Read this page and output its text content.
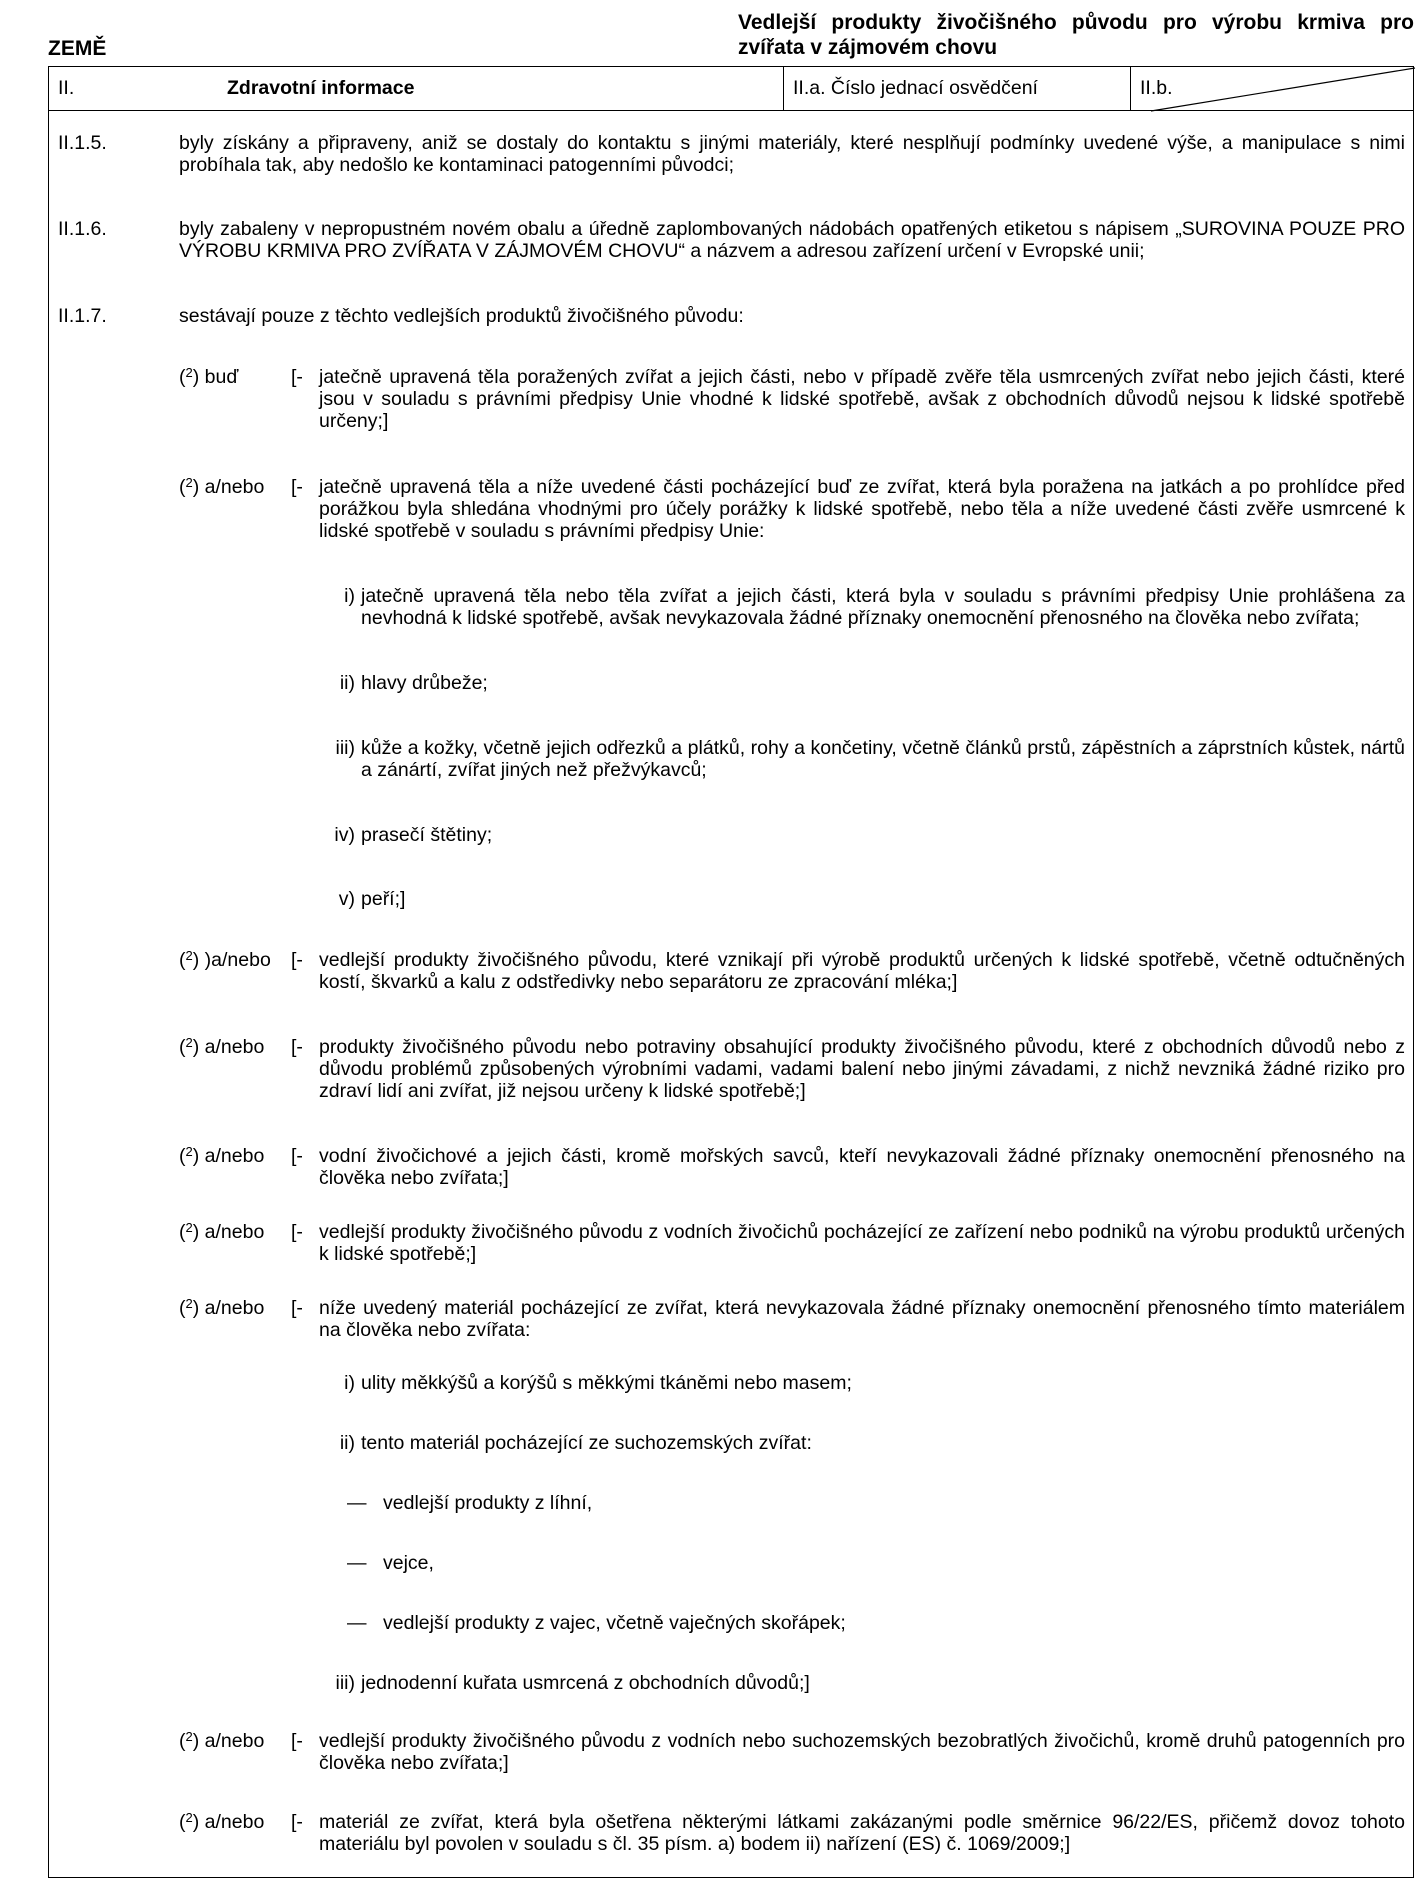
ZEMĚ
Vedlejší produkty živočišného původu pro výrobu krmiva pro zvířata v zájmovém chovu
II.	Zdravotní informace	II.a. Číslo jednací osvědčení	II.b.
II.1.5.	byly získány a připraveny, aniž se dostaly do kontaktu s jinými materiály, které nesplňují podmínky uvedené výše, a manipulace s nimi probíhala tak, aby nedošlo ke kontaminaci patogenními původci;
II.1.6.	byly zabaleny v nepropustném novém obalu a úředně zaplombovaných nádobách opatřených etiketou s nápisem „SUROVINA POUZE PRO VÝROBU KRMIVA PRO ZVÍŘATA V ZÁJMOVÉM CHOVU“ a názvem a adresou zařízení určení v Evropské unii;
II.1.7.	sestávají pouze z těchto vedlejších produktů živočišného původu:
($^2$) buď	[- jatečně upravená těla poražených zvířat a jejich části, nebo v případě zvěře těla usmrcených zvířat nebo jejich části, které jsou v souladu s právními předpisy Unie vhodné k lidské spotřebě, avšak z obchodních důvodů nejsou k lidské spotřebě určeny;]
($^2$) a/nebo [- jatečně upravená těla a níže uvedené části pocházející buď ze zvířat, která byla poražena na jatkách a po prohlídce před porážkou byla shledána vhodnými pro účely porážky k lidské spotřebě, nebo těla a níže uvedené části zvěře usmrcené k lidské spotřebě v souladu s právními předpisy Unie:
i) jatečně upravená těla nebo těla zvířat a jejich části, která byla v souladu s právními předpisy Unie prohlášena za nevhodná k lidské spotřebě, avšak nevykazovala žádné příznaky onemocnění přenosného na člověka nebo zvířata;
ii) hlavy drůbeže;
iii) kůže a kožky, včetně jejich odřezků a plátků, rohy a končetiny, včetně článků prstů, zápěstních a záprstních kůstek, nártů a zánártí, zvířat jiných než přežvýkavců;
iv) prasečí štětiny;
v) peří;]
($^2$) )a/nebo [- vedlejší produkty živočišného původu, které vznikají při výrobě produktů určených k lidské spotřebě, včetně odtučněných kostí, škvarků a kalu z odstředivky nebo separátoru ze zpracování mléka;]
($^2$) a/nebo [- produkty živočišného původu nebo potraviny obsahující produkty živočišného původu, které z obchodních důvodů nebo z důvodu problémů způsobených výrobními vadami, vadami balení nebo jinými závadami, z nichž nevzniká žádné riziko pro zdraví lidí ani zvířat, již nejsou určeny k lidské spotřebě;]
($^2$) a/nebo [- vodní živočichové a jejich části, kromě mořských savců, kteří nevykazovali žádné příznaky onemocnění přenosného na člověka nebo zvířata;]
($^2$) a/nebo [- vedlejší produkty živočišného původu z vodních živočichů pocházející ze zařízení nebo podniků na výrobu produktů určených k lidské spotřebě;]
($^2$) a/nebo [- níže uvedený materiál pocházející ze zvířat, která nevykazovala žádné příznaky onemocnění přenosného tímto materiálem na člověka nebo zvířata:
i) ulity měkkýšů a korýšů s měkkými tkáněmi nebo masem;
ii) tento materiál pocházející ze suchozemských zvířat:
— vedlejší produkty z líhní,
— vejce,
— vedlejší produkty z vajec, včetně vaječných skořápek;
iii) jednodenní kuřata usmrcená z obchodních důvodů;]
($^2$) a/nebo [- vedlejší produkty živočišného původu z vodních nebo suchozemských bezobratlých živočichů, kromě druhů patogenních pro člověka nebo zvířata;]
($^2$) a/nebo [- materiál ze zvířat, která byla ošetřena některými látkami zakázanými podle směrnice 96/22/ES, přičemž dovoz tohoto materiálu byl povolen v souladu s čl. 35 písm. a) bodem ii) nařízení (ES) č. 1069/2009;]
